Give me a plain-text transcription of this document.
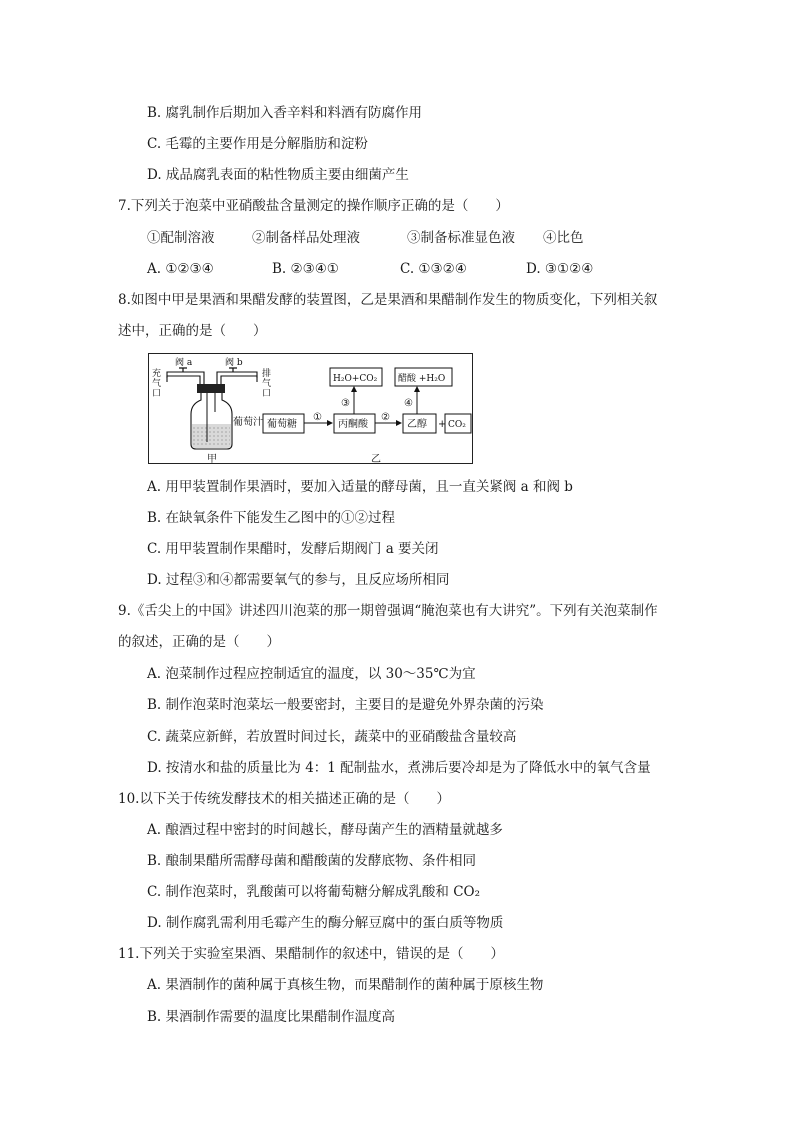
B. 腐乳制作后期加入香辛料和料酒有防腐作用
C. 毛霉的主要作用是分解脂肪和淀粉
D. 成品腐乳表面的粘性物质主要由细菌产生
7.下列关于泡菜中亚硝酸盐含量测定的操作顺序正确的是（　　）
①配制溶液	②制备样品处理液	③制备标准显色液 ④比色
A. ①②③④	B. ②③④①	C. ①③②④	D. ③①②④
8.如图中甲是果酒和果醋发酵的装置图，乙是果酒和果醋制作发生的物质变化，下列相关叙
述中，正确的是（　　）
阀 a	阀 b
充
气
口
排
气
口
葡萄汁
甲
葡萄糖
①
丙酮酸
③
H₂O+CO₂
②
乙醇
④
醋酸 +H₂O
+ CO₂
乙
A. 用甲装置制作果酒时，要加入适量的酵母菌，且一直关紧阀 a 和阀 b
B. 在缺氧条件下能发生乙图中的①②过程
C. 用甲装置制作果醋时，发酵后期阀门 a 要关闭
D. 过程③和④都需要氧气的参与，且反应场所相同
9.《舌尖上的中国》讲述四川泡菜的那一期曾强调“腌泡菜也有大讲究”。下列有关泡菜制作
的叙述，正确的是（　　）
A. 泡菜制作过程应控制适宜的温度，以 30～35℃为宜
B. 制作泡菜时泡菜坛一般要密封，主要目的是避免外界杂菌的污染
C. 蔬菜应新鲜，若放置时间过长，蔬菜中的亚硝酸盐含量较高
D. 按清水和盐的质量比为 4：1 配制盐水，煮沸后要冷却是为了降低水中的氧气含量
10.以下关于传统发酵技术的相关描述正确的是（　　）
A. 酿酒过程中密封的时间越长，酵母菌产生的酒精量就越多
B. 酿制果醋所需酵母菌和醋酸菌的发酵底物、条件相同
C. 制作泡菜时，乳酸菌可以将葡萄糖分解成乳酸和 CO₂
D. 制作腐乳需利用毛霉产生的酶分解豆腐中的蛋白质等物质
11.下列关于实验室果酒、果醋制作的叙述中，错误的是（　　）
A. 果酒制作的菌种属于真核生物，而果醋制作的菌种属于原核生物
B. 果酒制作需要的温度比果醋制作温度高
